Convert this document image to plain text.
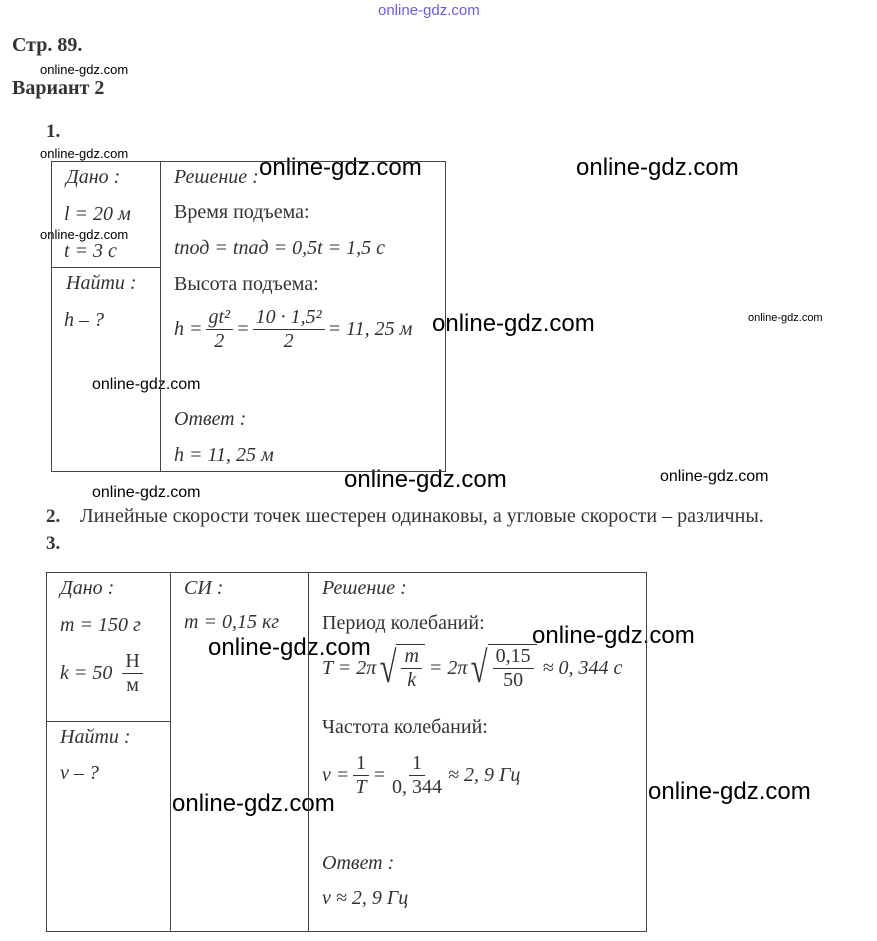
online-gdz.com
online-gdz.com
online-gdz.com
online-gdz.com
online-gdz.com	online-gdz.com
online-gdz.com	online-gdz.com
online-gdz.com
online-gdz.com	online-gdz.com
online-gdz.com
online-gdz.com
online-gdz.com
online-gdz.com
online-gdz.com
Стр. 89.
Вариант 2
1.
Дано :
l = 20 м
t = 3 с
Найти :
h – ?
Решение :
Время подъема:
tпод = tпад = 0,5t = 1,5 с
Высота подъема:
$h = \frac{\text{gt²}}{2} = \frac{\text{10 · 1,5²}}{2} = 11$, 25 м
Ответ :
h = 11, 25 м
2. Линейные скорости точек шестерен одинаковы, а угловые скорости – различны.
3.
Дано :
m = 150 г
$k = 50 \frac{Н}{м}$
Найти :
ν – ?
СИ :
m = 0,15 кг
Решение :
Период колебаний:
T = 2π √ $\frac{m}{k} = 2\pi$ √ $\frac{0,15}{50} \approx 0$, 344 с
Частота колебаний:
$\nu = \frac{1}{T} = \frac{1}{0, 344} \approx 2$, 9 Гц
Ответ :
ν ≈ 2, 9 Гц
